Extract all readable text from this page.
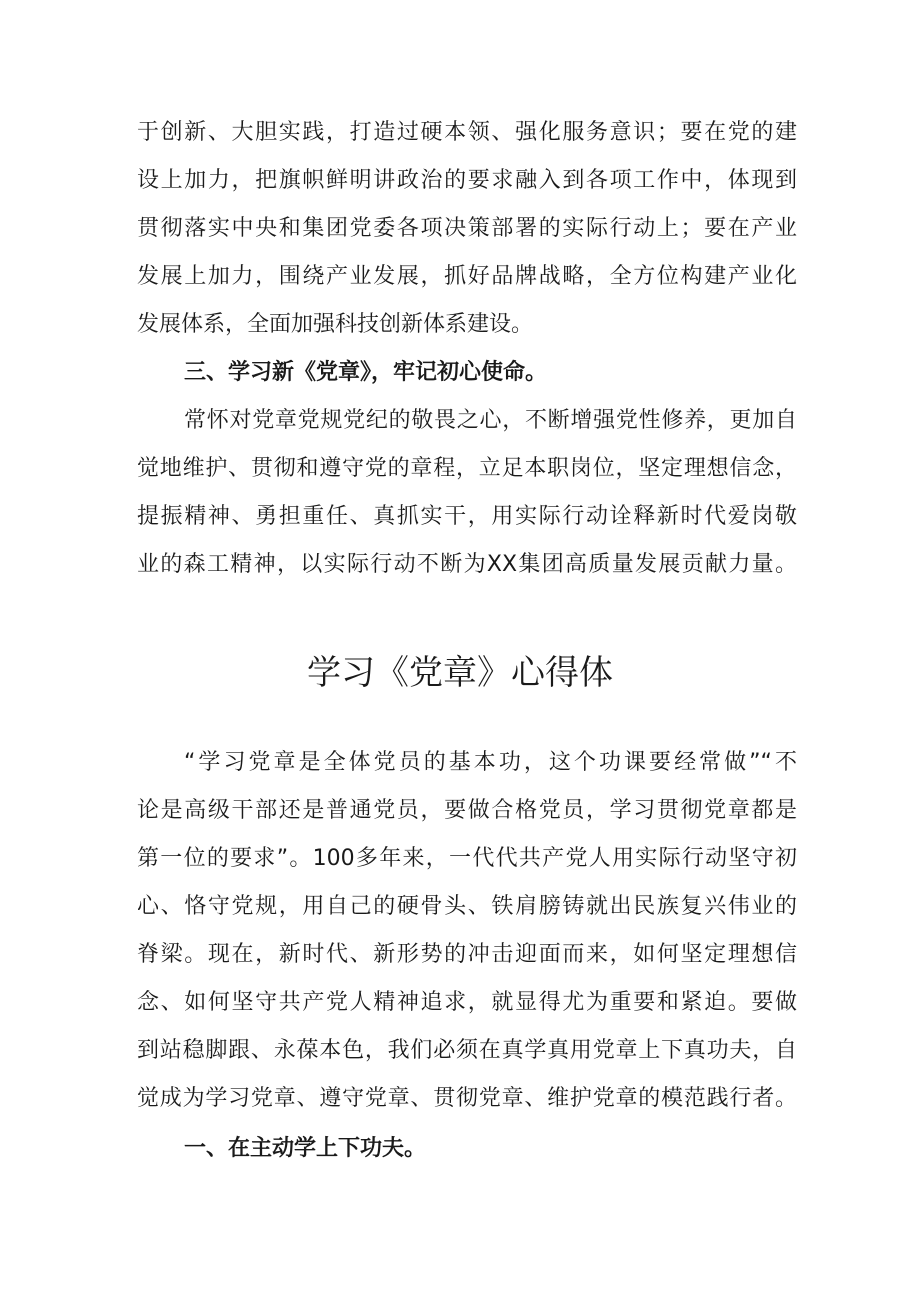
于创新、大胆实践，打造过硬本领、强化服务意识；要在党的建
设上加力，把旗帜鲜明讲政治的要求融入到各项工作中，体现到
贯彻落实中央和集团党委各项决策部署的实际行动上；要在产业
发展上加力，围绕产业发展，抓好品牌战略，全方位构建产业化
发展体系，全面加强科技创新体系建设。
三、学习新《党章》，牢记初心使命。
常怀对党章党规党纪的敬畏之心，不断增强党性修养，更加自
觉地维护、贯彻和遵守党的章程，立足本职岗位，坚定理想信念，
提振精神、勇担重任、真抓实干，用实际行动诠释新时代爱岗敬
业的森工精神，以实际行动不断为XX集团高质量发展贡献力量。
学习《党章》心得体
“学习党章是全体党员的基本功，这个功课要经常做”“不
论是高级干部还是普通党员，要做合格党员，学习贯彻党章都是
第一位的要求”。100多年来，一代代共产党人用实际行动坚守初
心、恪守党规，用自己的硬骨头、铁肩膀铸就出民族复兴伟业的
脊梁。现在，新时代、新形势的冲击迎面而来，如何坚定理想信
念、如何坚守共产党人精神追求，就显得尤为重要和紧迫。要做
到站稳脚跟、永葆本色，我们必须在真学真用党章上下真功夫，自
觉成为学习党章、遵守党章、贯彻党章、维护党章的模范践行者。
一、在主动学上下功夫。
